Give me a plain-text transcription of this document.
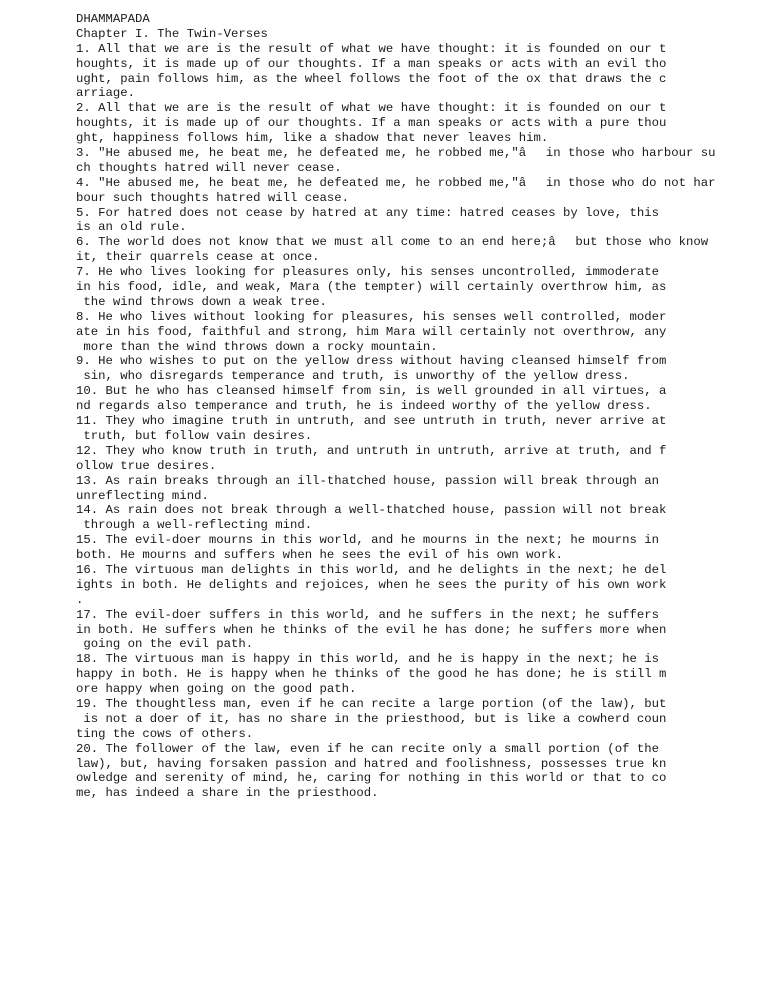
DHAMMAPADA
Chapter I. The Twin-Verses
1. All that we are is the result of what we have thought: it is founded on our t
houghts, it is made up of our thoughts. If a man speaks or acts with an evil tho
ught, pain follows him, as the wheel follows the foot of the ox that draws the c
arriage.
2. All that we are is the result of what we have thought: it is founded on our t
houghts, it is made up of our thoughts. If a man speaks or acts with a pure thou
ght, happiness follows him, like a shadow that never leaves him.
3. "He abused me, he beat me, he defeated me, he robbed me,"âin those who harbour su
ch thoughts hatred will never cease.
4. "He abused me, he beat me, he defeated me, he robbed me,"âin those who do not har
bour such thoughts hatred will cease.
5. For hatred does not cease by hatred at any time: hatred ceases by love, this
is an old rule.
6. The world does not know that we must all come to an end here;âbut those who know
it, their quarrels cease at once.
7. He who lives looking for pleasures only, his senses uncontrolled, immoderate
in his food, idle, and weak, Mara (the tempter) will certainly overthrow him, as
the wind throws down a weak tree.
8. He who lives without looking for pleasures, his senses well controlled, moder
ate in his food, faithful and strong, him Mara will certainly not overthrow, any
more than the wind throws down a rocky mountain.
9. He who wishes to put on the yellow dress without having cleansed himself from
sin, who disregards temperance and truth, is unworthy of the yellow dress.
10. But he who has cleansed himself from sin, is well grounded in all virtues, a
nd regards also temperance and truth, he is indeed worthy of the yellow dress.
11. They who imagine truth in untruth, and see untruth in truth, never arrive at
truth, but follow vain desires.
12. They who know truth in truth, and untruth in untruth, arrive at truth, and f
ollow true desires.
13. As rain breaks through an ill-thatched house, passion will break through an
unreflecting mind.
14. As rain does not break through a well-thatched house, passion will not break
through a well-reflecting mind.
15. The evil-doer mourns in this world, and he mourns in the next; he mourns in
both. He mourns and suffers when he sees the evil of his own work.
16. The virtuous man delights in this world, and he delights in the next; he del
ights in both. He delights and rejoices, when he sees the purity of his own work
.
17. The evil-doer suffers in this world, and he suffers in the next; he suffers
in both. He suffers when he thinks of the evil he has done; he suffers more when
going on the evil path.
18. The virtuous man is happy in this world, and he is happy in the next; he is
happy in both. He is happy when he thinks of the good he has done; he is still m
ore happy when going on the good path.
19. The thoughtless man, even if he can recite a large portion (of the law), but
is not a doer of it, has no share in the priesthood, but is like a cowherd coun
ting the cows of others.
20. The follower of the law, even if he can recite only a small portion (of the
law), but, having forsaken passion and hatred and foolishness, possesses true kn
owledge and serenity of mind, he, caring for nothing in this world or that to co
me, has indeed a share in the priesthood.
